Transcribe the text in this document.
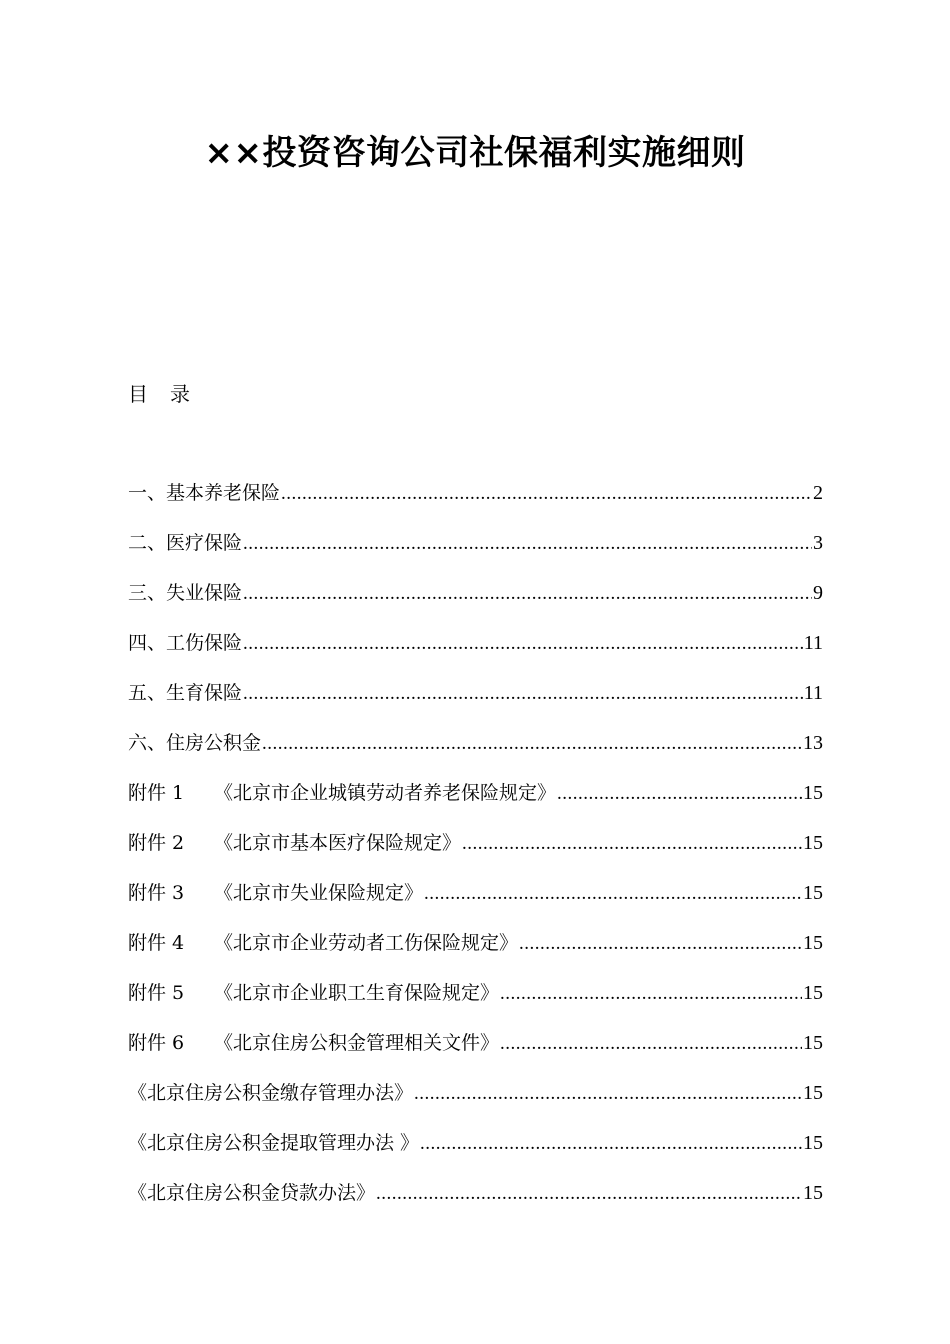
××投资咨询公司社保福利实施细则
目 录
一、基本养老保险 .....	2
二、医疗保险 .....	3
三、失业保险 .....	9
四、工伤保险 .....	11
五、生育保险 .....	11
六、住房公积金 .....	13
附件 1 《北京市企业城镇劳动者养老保险规定》 .....	15
附件 2 《北京市基本医疗保险规定》 .....	15
附件 3 《北京市失业保险规定》 .....	15
附件 4 《北京市企业劳动者工伤保险规定》 .....	15
附件 5 《北京市企业职工生育保险规定》 .....	15
附件 6 《北京住房公积金管理相关文件》 .....	15
《北京住房公积金缴存管理办法》 .....	15
《北京住房公积金提取管理办法 》 .....	15
《北京住房公积金贷款办法》 .....	15
